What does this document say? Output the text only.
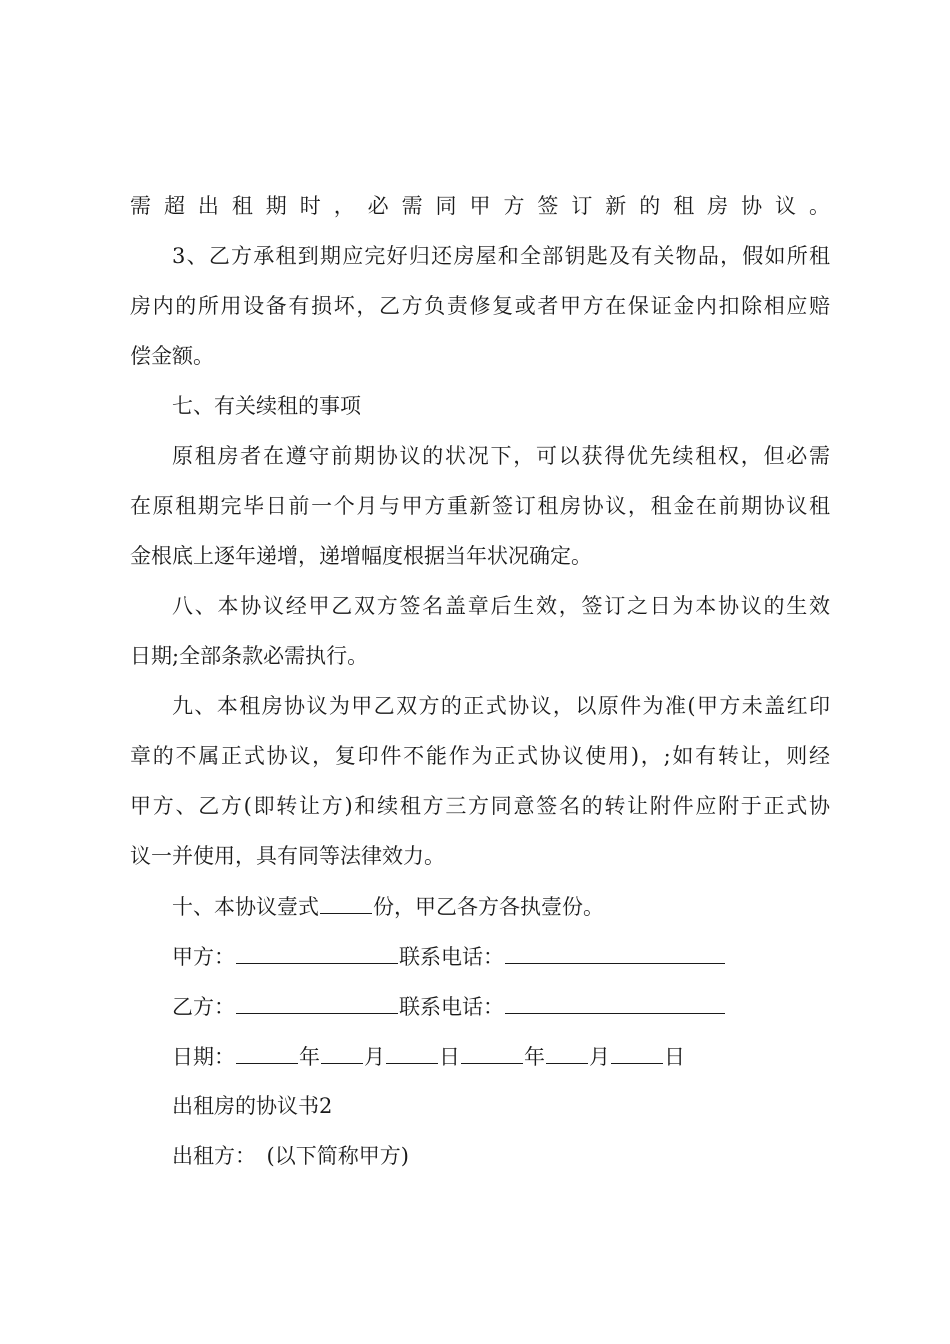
需超出租期时，必需同甲方签订新的租房协议。
3、乙方承租到期应完好归还房屋和全部钥匙及有关物品，假如所租
房内的所用设备有损坏，乙方负责修复或者甲方在保证金内扣除相应赔
偿金额。
七、有关续租的事项
原租房者在遵守前期协议的状况下，可以获得优先续租权，但必需
在原租期完毕日前一个月与甲方重新签订租房协议，租金在前期协议租
金根底上逐年递增，递增幅度根据当年状况确定。
八、本协议经甲乙双方签名盖章后生效，签订之日为本协议的生效
日期;全部条款必需执行。
九、本租房协议为甲乙双方的正式协议，以原件为准(甲方未盖红印
章的不属正式协议，复印件不能作为正式协议使用)，;如有转让，则经
甲方、乙方(即转让方)和续租方三方同意签名的转让附件应附于正式协
议一并使用，具有同等法律效力。
十、本协议壹式	份，甲乙各方各执壹份。
甲方：	联系电话：
乙方：	联系电话：
日期：	年 月	日	年 月	日
出租房的协议书2
出租方：　(以下简称甲方)
